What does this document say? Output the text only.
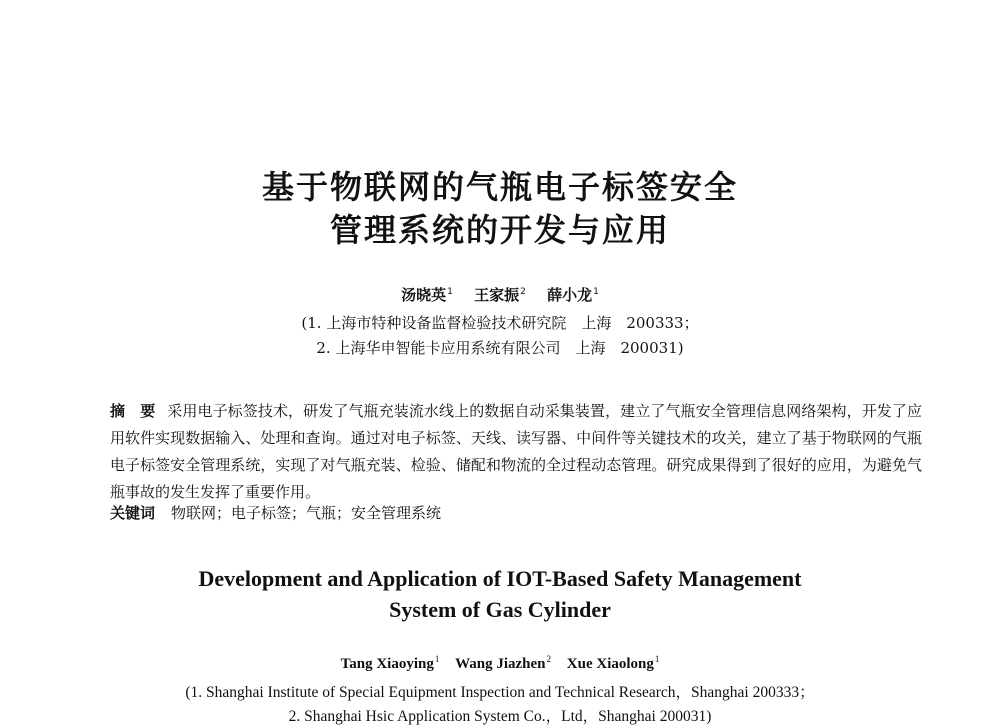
基于物联网的气瓶电子标签安全
管理系统的开发与应用
汤晓英$^1$ 王家振$^2$ 薛小龙$^1$
(1. 上海市特种设备监督检验技术研究院　上海　200333；
2. 上海华申智能卡应用系统有限公司　上海　200031)
摘　要 采用电子标签技术，研发了气瓶充装流水线上的数据自动采集装置，建立了气瓶安全管理信息网络架构，开发了应用软件实现数据输入、处理和查询。通过对电子标签、天线、读写器、中间件等关键技术的攻关，建立了基于物联网的气瓶电子标签安全管理系统，实现了对气瓶充装、检验、储配和物流的全过程动态管理。研究成果得到了很好的应用，为避免气瓶事故的发生发挥了重要作用。
关键词 物联网；电子标签；气瓶；安全管理系统
Development and Application of IOT-Based Safety Management
System of Gas Cylinder
Tang Xiaoying$^1$ Wang Jiazhen$^2$ Xue Xiaolong$^1$
(1. Shanghai Institute of Special Equipment Inspection and Technical Research，Shanghai 200333；
2. Shanghai Hsic Application System Co.，Ltd，Shanghai 200031)
